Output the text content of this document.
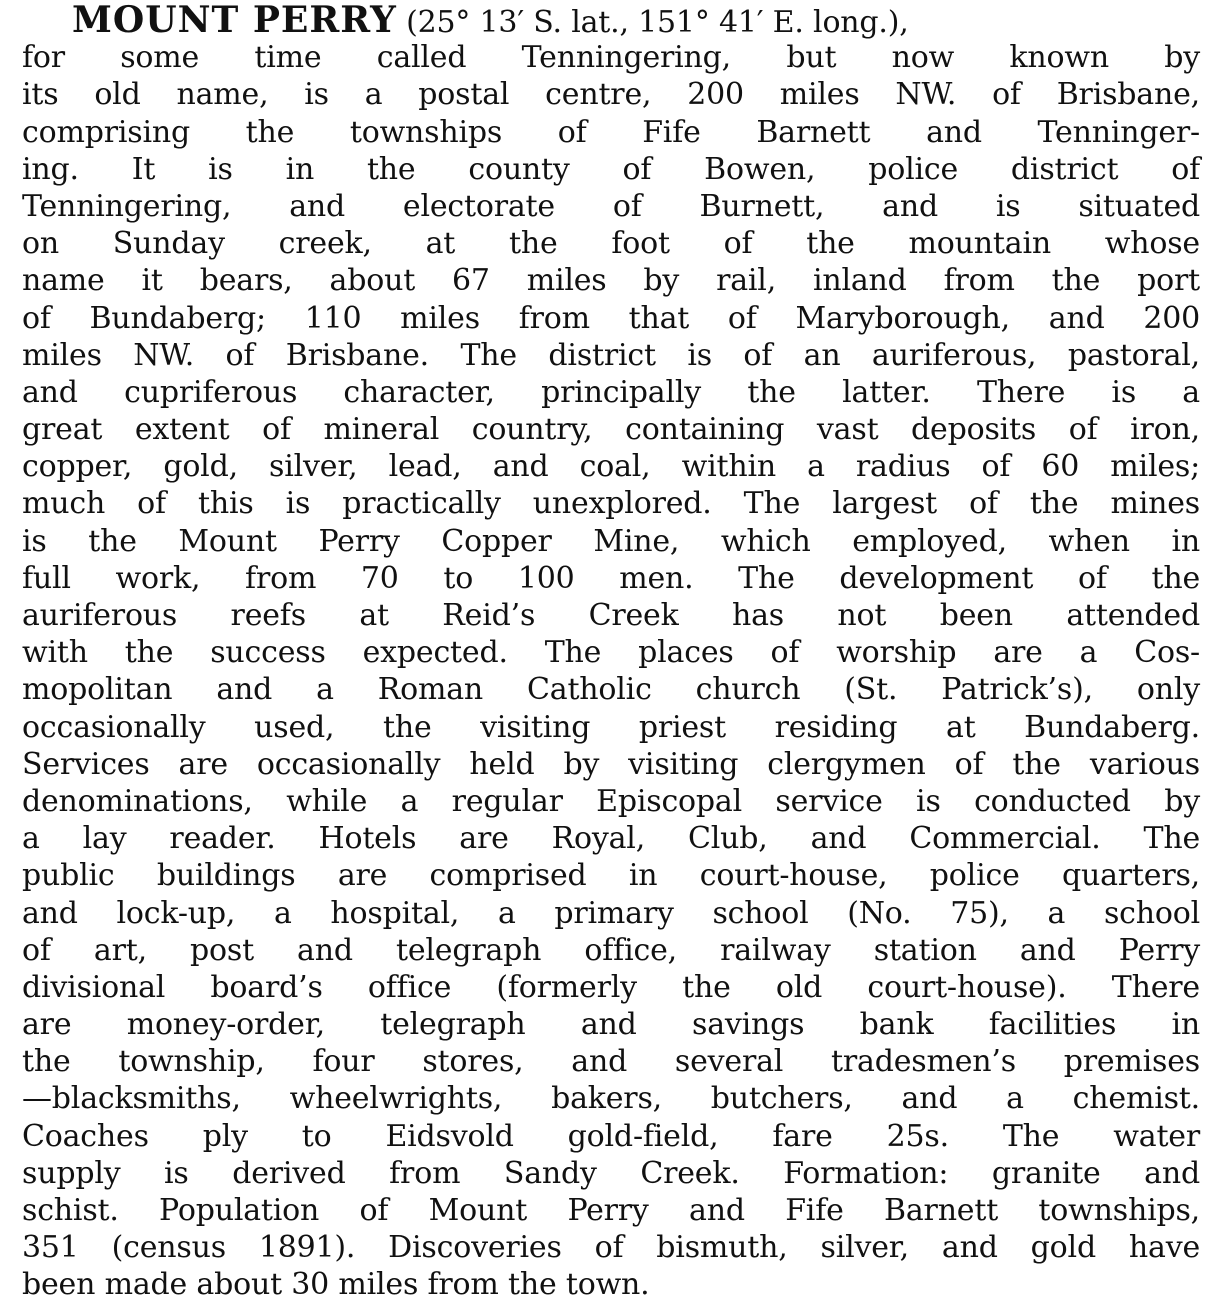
MOUNT PERRY (25° 13′ S. lat., 151° 41′ E. long.),
for some time called Tenningering, but now known by
its old name, is a postal centre, 200 miles NW. of Brisbane,
comprising the townships of Fife Barnett and Tenninger-
ing. It is in the county of Bowen, police district of
Tenningering, and electorate of Burnett, and is situated
on Sunday creek, at the foot of the mountain whose
name it bears, about 67 miles by rail, inland from the port
of Bundaberg; 110 miles from that of Maryborough, and 200
miles NW. of Brisbane. The district is of an auriferous, pastoral,
and cupriferous character, principally the latter. There is a
great extent of mineral country, containing vast deposits of iron,
copper, gold, silver, lead, and coal, within a radius of 60 miles;
much of this is practically unexplored. The largest of the mines
is the Mount Perry Copper Mine, which employed, when in
full work, from 70 to 100 men. The development of the
auriferous reefs at Reid’s Creek has not been attended
with the success expected. The places of worship are a Cos-
mopolitan and a Roman Catholic church (St. Patrick’s), only
occasionally used, the visiting priest residing at Bundaberg.
Services are occasionally held by visiting clergymen of the various
denominations, while a regular Episcopal service is conducted by
a lay reader. Hotels are Royal, Club, and Commercial. The
public buildings are comprised in court-house, police quarters,
and lock-up, a hospital, a primary school (No. 75), a school
of art, post and telegraph office, railway station and Perry
divisional board’s office (formerly the old court-house). There
are money-order, telegraph and savings bank facilities in
the township, four stores, and several tradesmen’s premises
—blacksmiths, wheelwrights, bakers, butchers, and a chemist.
Coaches ply to Eidsvold gold-field, fare 25s. The water
supply is derived from Sandy Creek. Formation: granite and
schist. Population of Mount Perry and Fife Barnett townships,
351 (census 1891). Discoveries of bismuth, silver, and gold have
been made about 30 miles from the town.
